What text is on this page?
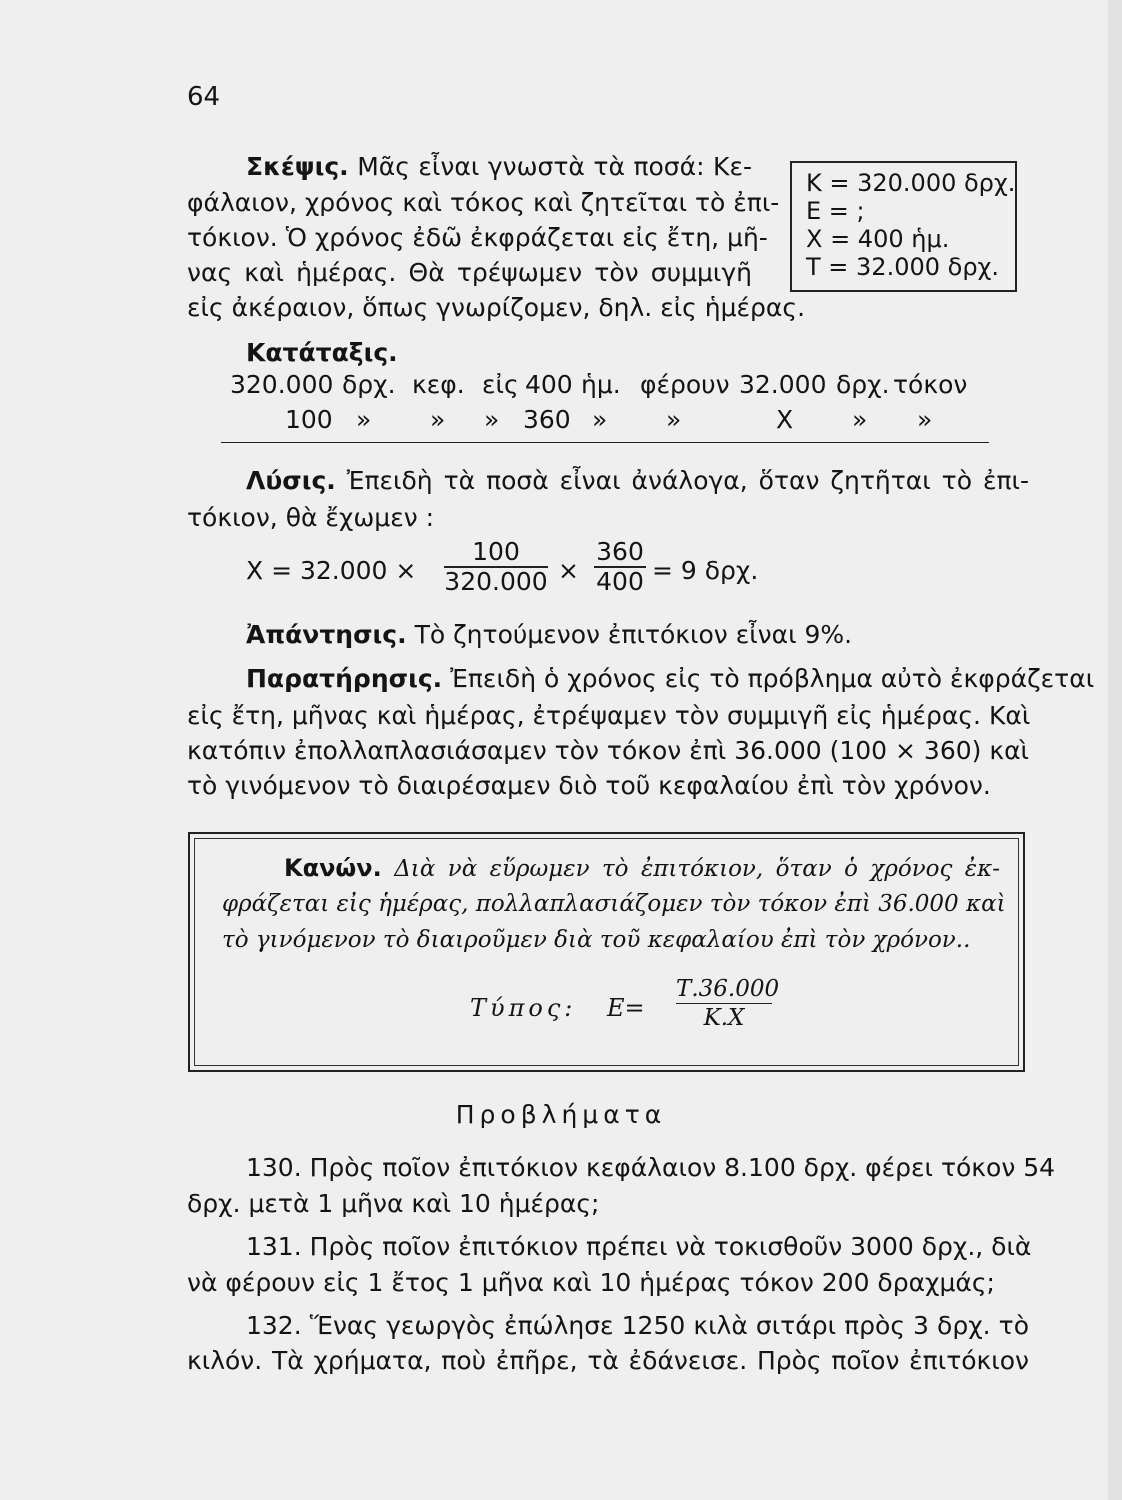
64
Σκέψις. Μᾶς εἶναι γνωστὰ τὰ ποσά: Κε-
φάλαιον, χρόνος καὶ τόκος καὶ ζητεῖται τὸ ἐπι-
τόκιον. Ὁ χρόνος ἐδῶ ἐκφράζεται εἰς ἔτη, μῆ-
νας καὶ ἡμέρας. Θὰ τρέψωμεν τὸν συμμιγῆ
εἰς ἀκέραιον, ὅπως γνωρίζομεν, δηλ. εἰς ἡμέρας.
Κ = 320.000 δρχ.
Ε = ;
Χ = 400 ἡμ.
Τ = 32.000 δρχ.
Κατάταξις.
320.000 δρχ. κεφ. εἰς 400 ἡμ. φέρουν 32.000 δρχ. τόκον
100 » » » 360 » »	Χ » »
Λύσις. Ἐπειδὴ τὰ ποσὰ εἶναι ἀνάλογα, ὅταν ζητῆται τὸ ἐπι-
τόκιον, θὰ ἔχωμεν :
$X = 32.000 \times \frac{100}{320.000} \times \frac{360}{400} = 9$ δρχ.
Ἀπάντησις. Τὸ ζητούμενον ἐπιτόκιον εἶναι 9%.
Παρατήρησις. Ἐπειδὴ ὁ χρόνος εἰς τὸ πρόβλημα αὐτὸ ἐκφράζεται
εἰς ἔτη, μῆνας καὶ ἡμέρας, ἐτρέψαμεν τὸν συμμιγῆ εἰς ἡμέρας. Καὶ
κατόπιν ἐπολλαπλασιάσαμεν τὸν τόκον ἐπὶ 36.000 (100 × 360) καὶ
τὸ γινόμενον τὸ διαιρέσαμεν διὸ τοῦ κεφαλαίου ἐπὶ τὸν χρόνον.
Κανών. Διὰ νὰ εὕρωμεν τὸ ἐπιτόκιον, ὅταν ὁ χρόνος ἐκ-
φράζεται εἰς ἡμέρας, πολλαπλασιάζομεν τὸν τόκον ἐπὶ 36.000 καὶ
τὸ γινόμενον τὸ διαιροῦμεν διὰ τοῦ κεφαλαίου ἐπὶ τὸν χρόνον..
Τύπος: $E= \frac{T.36.000}{K.X}$
Προβλήματα
130. Πρὸς ποῖον ἐπιτόκιον κεφάλαιον 8.100 δρχ. φέρει τόκον 54
δρχ. μετὰ 1 μῆνα καὶ 10 ἡμέρας;
131. Πρὸς ποῖον ἐπιτόκιον πρέπει νὰ τοκισθοῦν 3000 δρχ., διὰ
νὰ φέρουν εἰς 1 ἔτος 1 μῆνα καὶ 10 ἡμέρας τόκον 200 δραχμάς;
132. Ἕνας γεωργὸς ἐπώλησε 1250 κιλὰ σιτάρι πρὸς 3 δρχ. τὸ
κιλόν. Τὰ χρήματα, ποὺ ἐπῆρε, τὰ ἐδάνεισε. Πρὸς ποῖον ἐπιτόκιον
